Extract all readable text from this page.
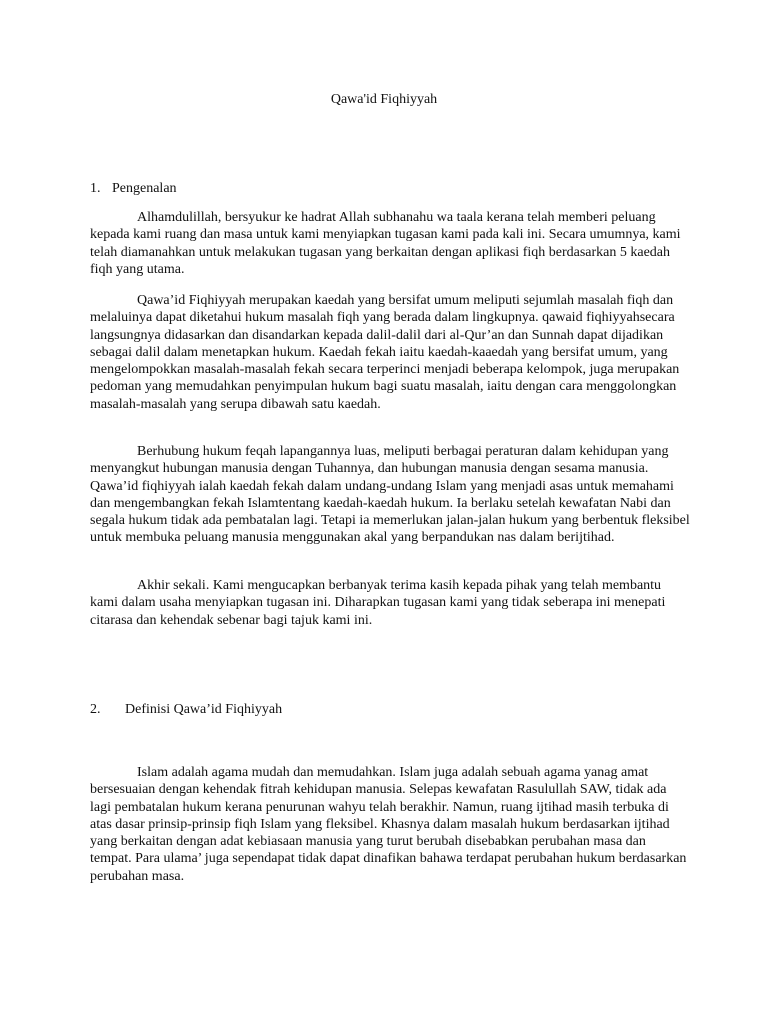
Qawa'id Fiqhiyyah
1. Pengenalan

Alhamdulillah, bersyukur ke hadrat Allah subhanahu wa taala kerana telah memberi peluang kepada kami ruang dan masa untuk kami menyiapkan tugasan kami pada kali ini. Secara umumnya, kami telah diamanahkan untuk melakukan tugasan yang berkaitan dengan aplikasi fiqh berdasarkan 5 kaedah fiqh yang utama.

Qawa’id Fiqhiyyah merupakan kaedah yang bersifat umum meliputi sejumlah masalah fiqh dan melaluinya dapat diketahui hukum masalah fiqh yang berada dalam lingkupnya. qawaid fiqhiyyahsecara langsungnya didasarkan dan disandarkan kepada dalil-dalil dari al-Qur’an dan Sunnah dapat dijadikan sebagai dalil dalam menetapkan hukum. Kaedah fekah iaitu kaedah-kaaedah yang bersifat umum, yang mengelompokkan masalah-masalah fekah secara terperinci menjadi beberapa kelompok, juga merupakan pedoman yang memudahkan penyimpulan hukum bagi suatu masalah, iaitu dengan cara menggolongkan masalah-masalah yang serupa dibawah satu kaedah.

Berhubung hukum feqah lapangannya luas, meliputi berbagai peraturan dalam kehidupan yang menyangkut hubungan manusia dengan Tuhannya, dan hubungan manusia dengan sesama manusia. Qawa’id fiqhiyyah ialah kaedah fekah dalam undang-undang Islam yang menjadi asas untuk memahami dan mengembangkan fekah Islamtentang kaedah-kaedah hukum. Ia berlaku setelah kewafatan Nabi dan segala hukum tidak ada pembatalan lagi. Tetapi ia memerlukan jalan-jalan hukum yang berbentuk fleksibel untuk membuka peluang manusia menggunakan akal yang berpandukan nas dalam berijtihad.

Akhir sekali. Kami mengucapkan berbanyak terima kasih kepada pihak yang telah membantu kami dalam usaha menyiapkan tugasan ini. Diharapkan tugasan kami yang tidak seberapa ini menepati citarasa dan kehendak sebenar bagi tajuk kami ini.

2. Definisi Qawa’id Fiqhiyyah

Islam adalah agama mudah dan memudahkan. Islam juga adalah sebuah agama yanag amat bersesuaian dengan kehendak fitrah kehidupan manusia. Selepas kewafatan Rasulullah SAW, tidak ada lagi pembatalan hukum kerana penurunan wahyu telah berakhir. Namun, ruang ijtihad masih terbuka di atas dasar prinsip-prinsip fiqh Islam yang fleksibel. Khasnya dalam masalah hukum berdasarkan ijtihad yang berkaitan dengan adat kebiasaan manusia yang turut berubah disebabkan perubahan masa dan tempat. Para ulama’ juga sependapat tidak dapat dinafikan bahawa terdapat perubahan hukum berdasarkan perubahan masa.
